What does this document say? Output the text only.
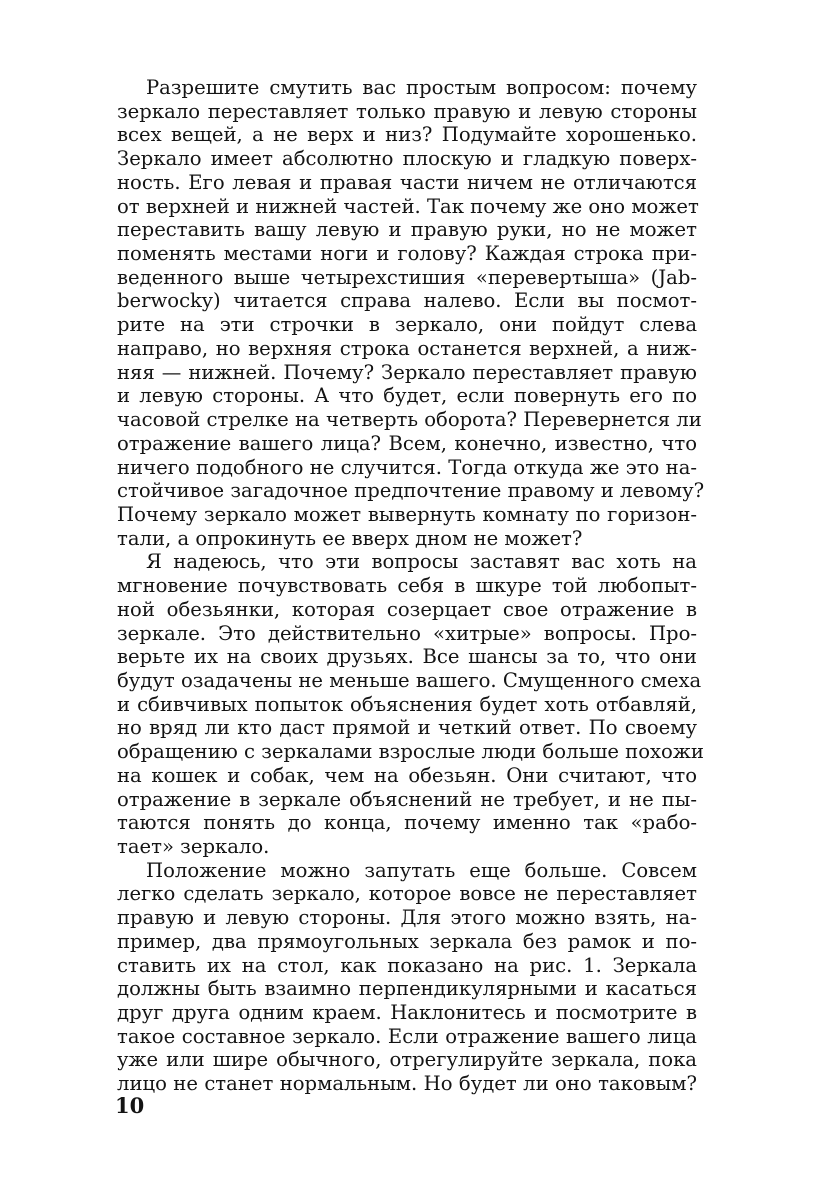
Разрешите смутить вас простым вопросом: почему
зеркало переставляет только правую и левую стороны
всех вещей, а не верх и низ? Подумайте хорошенько.
Зеркало имеет абсолютно плоскую и гладкую поверх-
ность. Его левая и правая части ничем не отличаются
от верхней и нижней частей. Так почему же оно может
переставить вашу левую и правую руки, но не может
поменять местами ноги и голову? Каждая строка при-
веденного выше четырехстишия «перевертыша» (Jab-
berwocky) читается справа налево. Если вы посмот-
рите на эти строчки в зеркало, они пойдут слева
направо, но верхняя строка останется верхней, а ниж-
няя — нижней. Почему? Зеркало переставляет правую
и левую стороны. А что будет, если повернуть его по
часовой стрелке на четверть оборота? Перевернется ли
отражение вашего лица? Всем, конечно, известно, что
ничего подобного не случится. Тогда откуда же это на-
стойчивое загадочное предпочтение правому и левому?
Почему зеркало может вывернуть комнату по горизон-
тали, а опрокинуть ее вверх дном не может?
Я надеюсь, что эти вопросы заставят вас хоть на
мгновение почувствовать себя в шкуре той любопыт-
ной обезьянки, которая созерцает свое отражение в
зеркале. Это действительно «хитрые» вопросы. Про-
верьте их на своих друзьях. Все шансы за то, что они
будут озадачены не меньше вашего. Смущенного смеха
и сбивчивых попыток объяснения будет хоть отбавляй,
но вряд ли кто даст прямой и четкий ответ. По своему
обращению с зеркалами взрослые люди больше похожи
на кошек и собак, чем на обезьян. Они считают, что
отражение в зеркале объяснений не требует, и не пы-
таются понять до конца, почему именно так «рабо-
тает» зеркало.
Положение можно запутать еще больше. Совсем
легко сделать зеркало, которое вовсе не переставляет
правую и левую стороны. Для этого можно взять, на-
пример, два прямоугольных зеркала без рамок и по-
ставить их на стол, как показано на рис. 1. Зеркала
должны быть взаимно перпендикулярными и касаться
друг друга одним краем. Наклонитесь и посмотрите в
такое составное зеркало. Если отражение вашего лица
уже или шире обычного, отрегулируйте зеркала, пока
лицо не станет нормальным. Но будет ли оно таковым?
10
